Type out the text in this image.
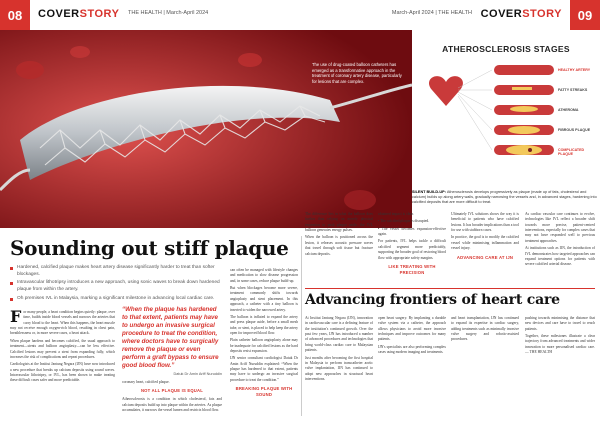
08	COVERSTORY THE HEALTH | March-April 2024	March-April 2024 | THE HEALTH COVERSTORY	09
The use of drug-coated balloon catheters has emerged as a transformative approach in the treatment of coronary artery disease, particularly for lesions that are complex.
ATHEROSCLEROSIS STAGES
HEALTHY ARTERY
FATTY STREAKS
ATHEROMA
FIBROUS PLAQUE
COMPLICATED PLAQUE
SILENT BUILD-UP: Atherosclerosis develops progressively as plaque (made up of fats, cholesterol and calcium) builds up along artery walls, gradually narrowing the vessels and, in advanced stages, hardening into calcified deposits that are more difficult to treat.
Sounding out stiff plaque
Hardened, calcified plaque makes heart artery disease significantly harder to treat than softer blockages.
Intravascular lithotripsy introduces a new approach, using sonic waves to break down hardened plaque from within the artery.
Oh premises IVL in Malaysia, marking a significant milestone in advancing local cardiac care.
F or many people, a heart condition begins quietly: plaque, over time, builds inside blood vessels and narrows the arteries that carry blood to the heart. When this happens, the heart muscle may not receive enough oxygen-rich blood, resulting in chest pain, breathlessness or, in more severe cases, a heart attack.

When plaque hardens and becomes calcified, the usual approach to treatment—stents and balloon angioplasty—can be less effective. Calcified lesions may prevent a stent from expanding fully, which increases the risk of complications and repeat procedures.

Cardiologists at the Institut Jantung Negara (IJN) have now introduced a new procedure that breaks up calcium deposits using sound waves. Intravascular lithotripsy, or IVL, has been shown to make treating these difficult cases safer and more predictable.

“When the plaque has hardened to that extent, patients may have to undergo an invasive surgical procedure to treat the condition, where doctors have to surgically remove the plaque or even perform a graft bypass to ensure good blood flow.”
Datuk Dr Amin Ariff Nuruddin

coronary heart, calcified plaque.

NOT ALL PLAQUE IS EQUAL

Atherosclerosis is a condition in which cholesterol, fats and calcium deposits build up into plaque within the arteries. As plaque accumulates, it narrows the vessel lumen and restricts blood flow.

can often be managed with lifestyle changes and medication to slow disease progression and, in some cases, reduce plaque build-up.

But when blockages become more severe, treatment commonly shifts towards angioplasty and stent placement. In this approach, a catheter with a tiny balloon is inserted to widen the narrowed artery.

The balloon is inflated to expand the artery and press plaque aside, before a small mesh tube, or stent, is placed to help keep the artery open for improved blood flow.

Plain catheter balloon angioplasty alone may be inadequate for calcified lesions as the hard deposits resist expansion.

IJN senior consultant cardiologist Datuk Dr Amin Ariff Nuruddin explained: “When the plaque has hardened to that extent, patients may have to undergo an invasive surgical procedure to treat the condition.”

BREAKING PLAQUE WITH SOUND

The difference lies in what the balloon does further than relying on merely physical expansion to push plaque aside, the IVL balloon generates energy pulses.

When the balloon is positioned across the lesion, it releases acoustic pressure waves that travel through soft tissue but fracture calcium deposits.

obtained impact is clear.

• The calcified plaque is disrupted.

• The vessel becomes expansion-effective again.

For patients, IVL helps tackle a difficult calcified segment more predictably, supporting the broader goal of restoring blood flow with appropriate safety margins.

LIKE TREATING WITH PRECISION

Ultimately IVL solutions shows the way it is beneficial to patients who have calcified lesions. It has broader implications than a tool for use with stubborn cases.

In practice, the goal is to modify the calcified vessel while minimising inflammation and vessel injury.

ADVANCING CARE AT IJN

As cardiac vascular care continues to evolve, technologies like IVL reflect a broader shift towards more precise, patient-centred interventions, especially for complex cases that may not have responded well to previous treatment approaches.

At institutions such as IJN, the introduction of IVL demonstrates how targeted approaches can expand treatment options for patients with severe calcified arterial disease.

Advancing frontiers of heart care

At Institut Jantung Negara (IJN), innovation in cardiovascular care is a defining feature of the institution's continued growth. Over the past few years, IJN has introduced a number of advanced procedures and technologies that bring world-class cardiac care to Malaysian patients.

Just months after becoming the first hospital in Malaysia to perform transcatheter aortic valve implantation, IJN has continued to adopt new approaches in structural heart interventions.

open heart surgery. By implanting a durable valve system via a catheter, the approach allows physicians to avoid more invasive techniques and improve outcomes for many patients.

IJN's specialists are also performing complex cases using modern imaging and treatments.

and heart transplantation, IJN has continued to expand its expertise in cardiac surgery, adding treatments such as minimally invasive valve surgery and robotic-assisted procedures.

pushing towards minimising the distance that new devices and care have to travel to reach patients.

Together, these milestones illustrate a clear trajectory from advanced treatments and wider innovation to more personalised cardiac care. — THE HEALTH
